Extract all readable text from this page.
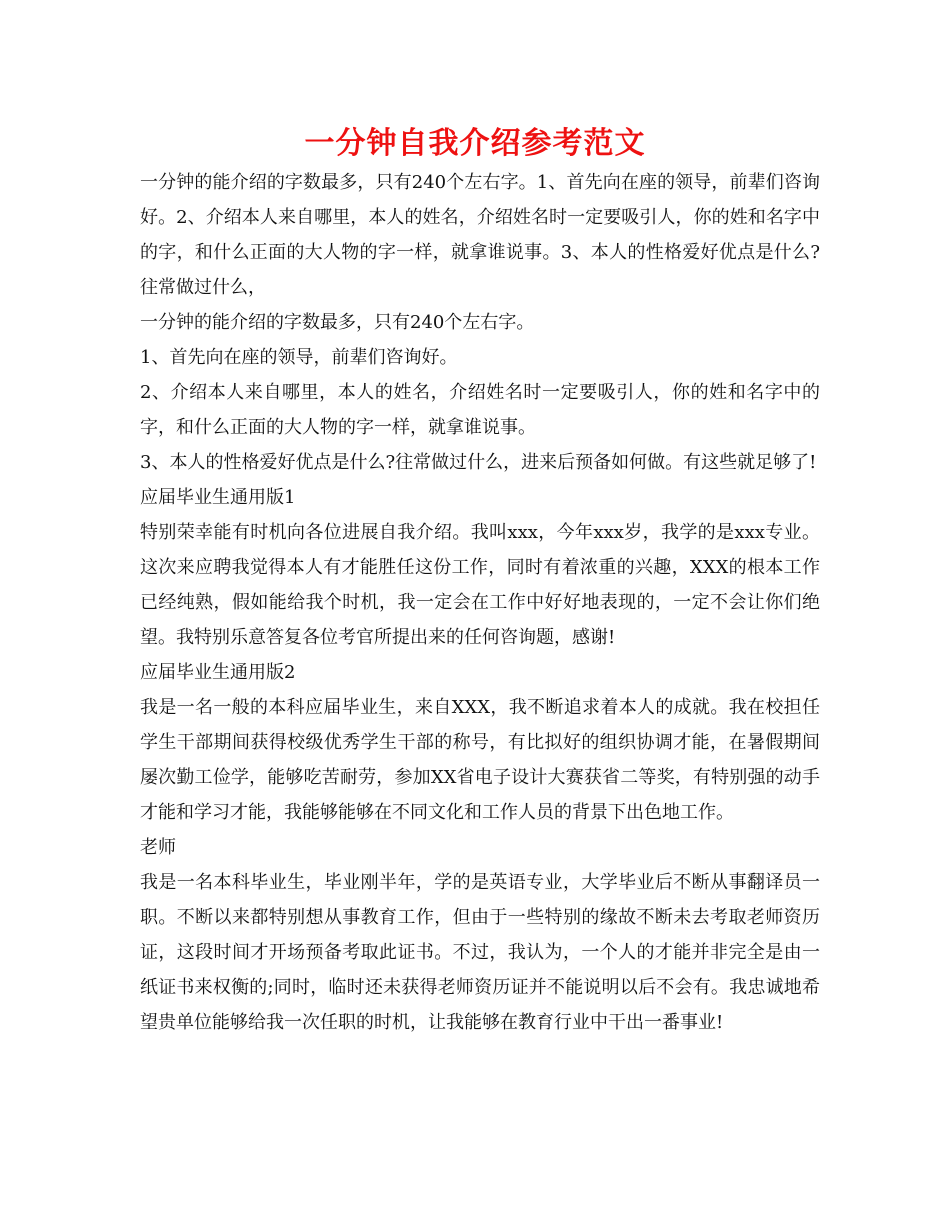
一分钟自我介绍参考范文

一分钟的能介绍的字数最多，只有240个左右字。1、首先向在座的领导，前辈们咨询好。2、介绍本人来自哪里，本人的姓名，介绍姓名时一定要吸引人，你的姓和名字中的字，和什么正面的大人物的字一样，就拿谁说事。3、本人的性格爱好优点是什么?往常做过什么，

一分钟的能介绍的字数最多，只有240个左右字。

1、首先向在座的领导，前辈们咨询好。

2、介绍本人来自哪里，本人的姓名，介绍姓名时一定要吸引人，你的姓和名字中的字，和什么正面的大人物的字一样，就拿谁说事。

3、本人的性格爱好优点是什么?往常做过什么，进来后预备如何做。有这些就足够了!

应届毕业生通用版1

特别荣幸能有时机向各位进展自我介绍。我叫xxx，今年xxx岁，我学的是xxx专业。这次来应聘我觉得本人有才能胜任这份工作，同时有着浓重的兴趣，XXX的根本工作已经纯熟，假如能给我个时机，我一定会在工作中好好地表现的，一定不会让你们绝望。我特别乐意答复各位考官所提出来的任何咨询题，感谢!

应届毕业生通用版2

我是一名一般的本科应届毕业生，来自XXX，我不断追求着本人的成就。我在校担任学生干部期间获得校级优秀学生干部的称号，有比拟好的组织协调才能，在暑假期间屡次勤工俭学，能够吃苦耐劳，参加XX省电子设计大赛获省二等奖，有特别强的动手才能和学习才能，我能够能够在不同文化和工作人员的背景下出色地工作。

老师

我是一名本科毕业生，毕业刚半年，学的是英语专业，大学毕业后不断从事翻译员一职。不断以来都特别想从事教育工作，但由于一些特别的缘故不断未去考取老师资历证，这段时间才开场预备考取此证书。不过，我认为，一个人的才能并非完全是由一纸证书来权衡的;同时，临时还未获得老师资历证并不能说明以后不会有。我忠诚地希望贵单位能够给我一次任职的时机，让我能够在教育行业中干出一番事业!
